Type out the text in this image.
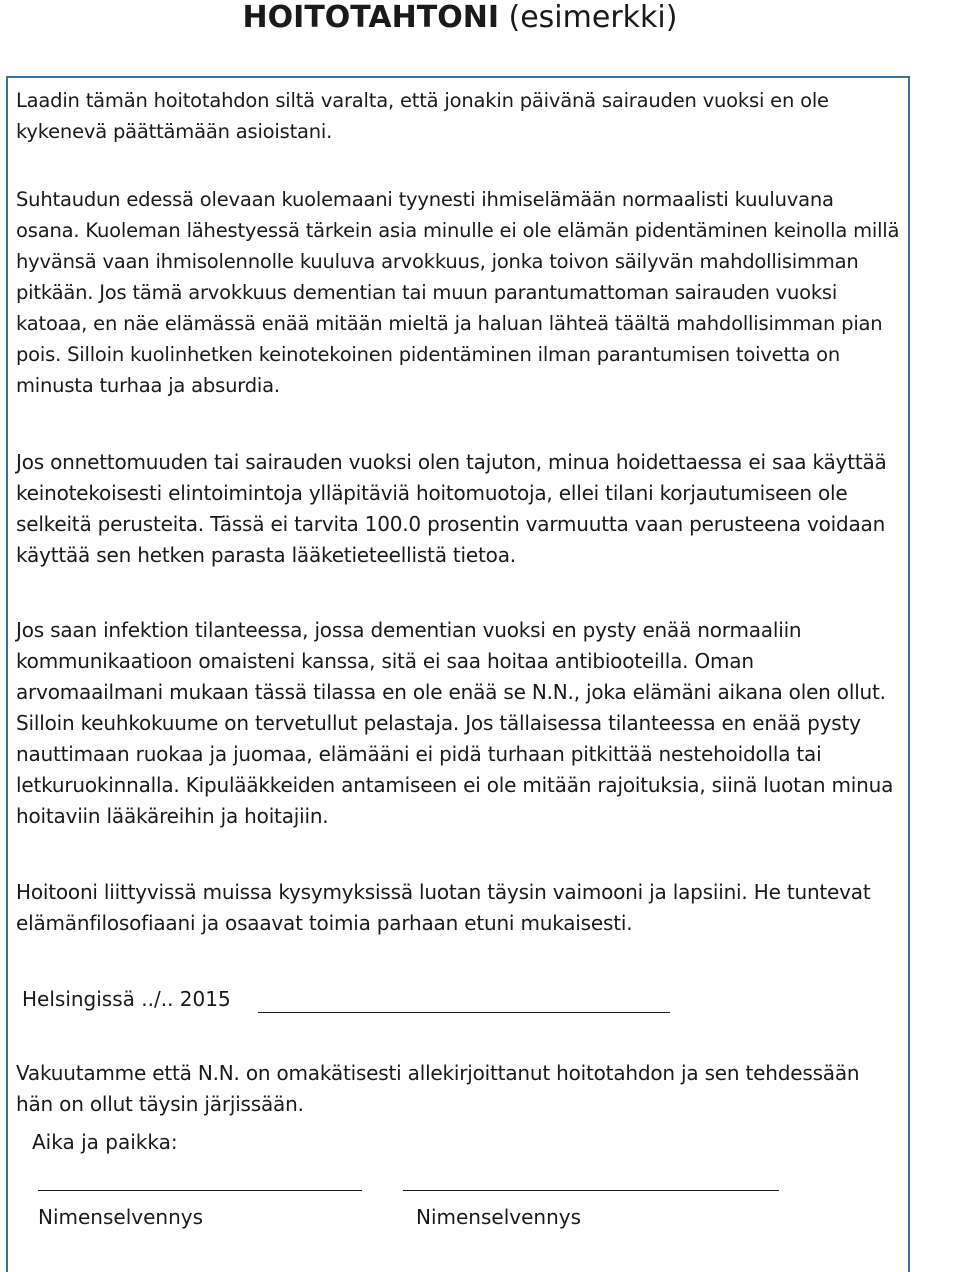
HOITOTAHTONI (esimerkki)

Laadin tämän hoitotahdon siltä varalta, että jonakin päivänä sairauden vuoksi en ole kykenevä päättämään asioistani.

Suhtaudun edessä olevaan kuolemaani tyynesti ihmiselämään normaalisti kuuluvana osana. Kuoleman lähestyessä tärkein asia minulle ei ole elämän pidentäminen keinolla millä hyvänsä vaan ihmisolennolle kuuluva arvokkuus, jonka toivon säilyvän mahdollisimman pitkään. Jos tämä arvokkuus dementian tai muun parantumattoman sairauden vuoksi katoaa, en näe elämässä enää mitään mieltä ja haluan lähteä täältä mahdollisimman pian pois. Silloin kuolinhetken keinotekoinen pidentäminen ilman parantumisen toivetta on minusta turhaa ja absurdia.

Jos onnettomuuden tai sairauden vuoksi olen tajuton, minua hoidettaessa ei saa käyttää keinotekoisesti elintoimintoja ylläpitäviä hoitomuotoja, ellei tilani korjautumiseen ole selkeitä perusteita. Tässä ei tarvita 100.0 prosentin varmuutta vaan perusteena voidaan käyttää sen hetken parasta lääketieteellistä tietoa.

Jos saan infektion tilanteessa, jossa dementian vuoksi en pysty enää normaaliin kommunikaatioon omaisteni kanssa, sitä ei saa hoitaa antibiooteilla. Oman arvomaailmani mukaan tässä tilassa en ole enää se N.N., joka elämäni aikana olen ollut. Silloin keuhkokuume on tervetullut pelastaja. Jos tällaisessa tilanteessa en enää pysty nauttimaan ruokaa ja juomaa, elämääni ei pidä turhaan pitkittää nestehoidolla tai letkuruokinnalla. Kipulääkkeiden antamiseen ei ole mitään rajoituksia, siinä luotan minua hoitaviin lääkäreihin ja hoitajiin.

Hoitooni liittyvissä muissa kysymyksissä luotan täysin vaimooni ja lapsiini. He tuntevat elämänfilosofiaani ja osaavat toimia parhaan etuni mukaisesti.

Helsingissä ../.. 2015

Vakuutamme että N.N. on omakätisesti allekirjoittanut hoitotahdon ja sen tehdessään hän on ollut täysin järjissään.

Aika ja paikka:
Nimenselvennys	Nimenselvennys
